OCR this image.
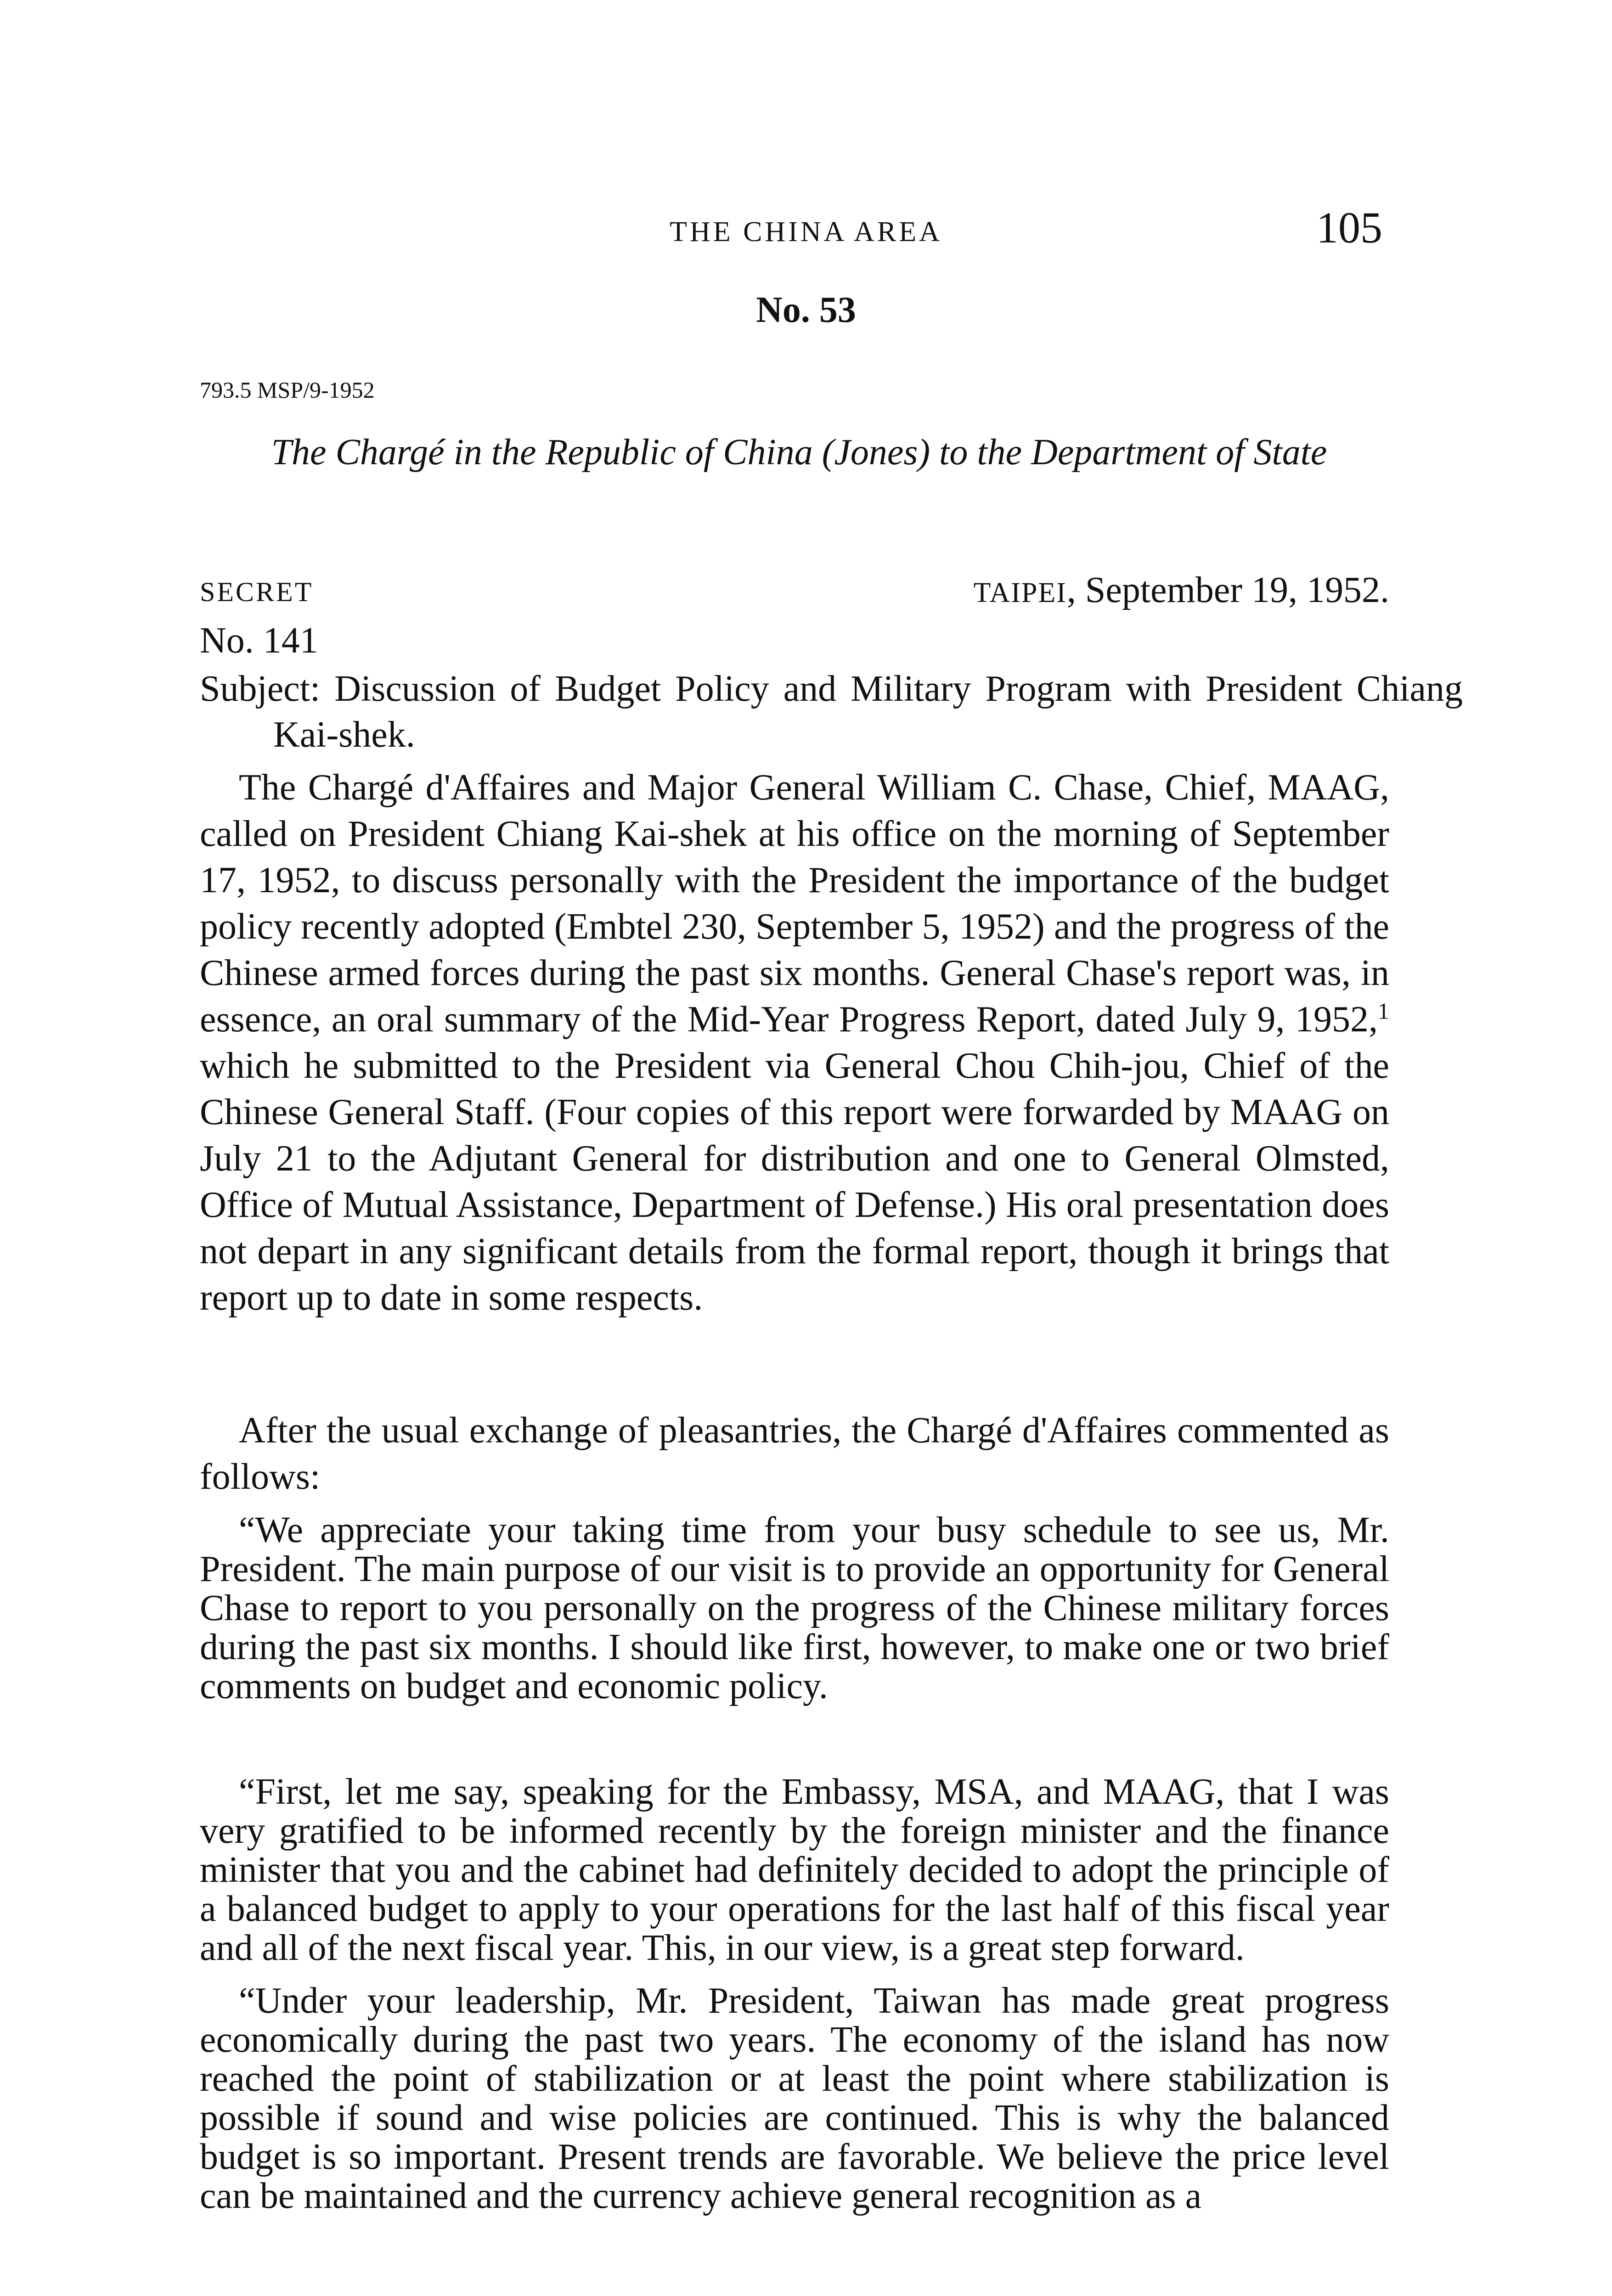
THE CHINA AREA	105
No. 53
793.5 MSP/9-1952
The Chargé in the Republic of China (Jones) to the Department of State
SECRET	TAIPEI, September 19, 1952.
No. 141
Subject: Discussion of Budget Policy and Military Program with President Chiang Kai-shek.

The Chargé d'Affaires and Major General William C. Chase, Chief, MAAG, called on President Chiang Kai-shek at his office on the morning of September 17, 1952, to discuss personally with the President the importance of the budget policy recently adopted (Embtel 230, September 5, 1952) and the progress of the Chinese armed forces during the past six months. General Chase's report was, in essence, an oral summary of the Mid-Year Progress Report, dated July 9, 1952,$^1$ which he submitted to the President via General Chou Chih-jou, Chief of the Chinese General Staff. (Four copies of this report were forwarded by MAAG on July 21 to the Adjutant General for distribution and one to General Olmsted, Office of Mutual Assistance, Department of Defense.) His oral presentation does not depart in any significant details from the formal report, though it brings that report up to date in some respects.

After the usual exchange of pleasantries, the Chargé d'Affaires commented as follows:

“We appreciate your taking time from your busy schedule to see us, Mr. President. The main purpose of our visit is to provide an opportunity for General Chase to report to you personally on the progress of the Chinese military forces during the past six months. I should like first, however, to make one or two brief comments on budget and economic policy.

“First, let me say, speaking for the Embassy, MSA, and MAAG, that I was very gratified to be informed recently by the foreign minister and the finance minister that you and the cabinet had definitely decided to adopt the principle of a balanced budget to apply to your operations for the last half of this fiscal year and all of the next fiscal year. This, in our view, is a great step forward.

“Under your leadership, Mr. President, Taiwan has made great progress economically during the past two years. The economy of the island has now reached the point of stabilization or at least the point where stabilization is possible if sound and wise policies are continued. This is why the balanced budget is so important. Present trends are favorable. We believe the price level can be maintained and the currency achieve general recognition as a
